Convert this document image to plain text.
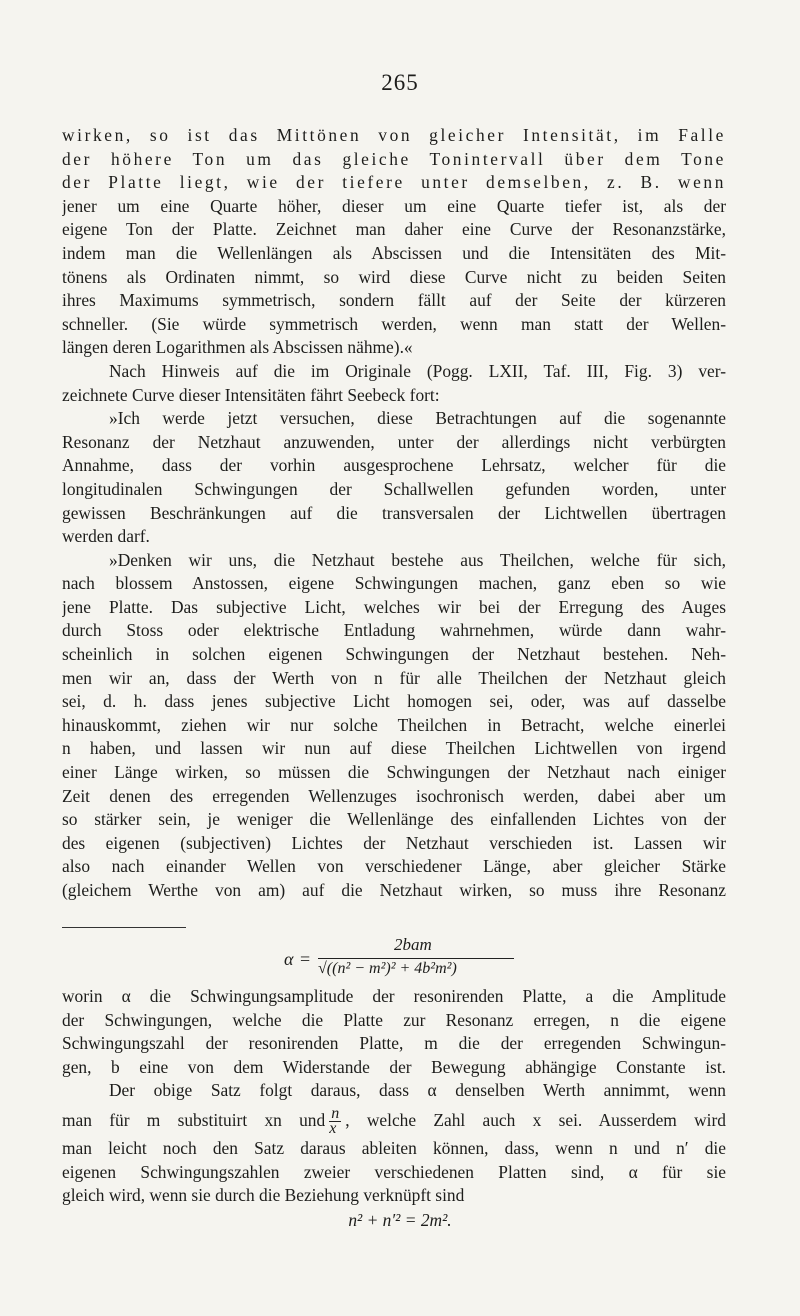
265
wirken, so ist das Mittönen von gleicher Intensität, im Falle
der höhere Ton um das gleiche Tonintervall über dem Tone
der Platte liegt, wie der tiefere unter demselben, z. B. wenn
jener um eine Quarte höher, dieser um eine Quarte tiefer ist, als der
eigene Ton der Platte. Zeichnet man daher eine Curve der Resonanzstärke,
indem man die Wellenlängen als Abscissen und die Intensitäten des Mit-
tönens als Ordinaten nimmt, so wird diese Curve nicht zu beiden Seiten
ihres Maximums symmetrisch, sondern fällt auf der Seite der kürzeren
schneller. (Sie würde symmetrisch werden, wenn man statt der Wellen-
längen deren Logarithmen als Abscissen nähme).«
Nach Hinweis auf die im Originale (Pogg. LXII, Taf. III, Fig. 3) ver-
zeichnete Curve dieser Intensitäten fährt Seebeck fort:
»Ich werde jetzt versuchen, diese Betrachtungen auf die sogenannte
Resonanz der Netzhaut anzuwenden, unter der allerdings nicht verbürgten
Annahme, dass der vorhin ausgesprochene Lehrsatz, welcher für die
longitudinalen Schwingungen der Schallwellen gefunden worden, unter
gewissen Beschränkungen auf die transversalen der Lichtwellen übertragen
werden darf.
»Denken wir uns, die Netzhaut bestehe aus Theilchen, welche für sich,
nach blossem Anstossen, eigene Schwingungen machen, ganz eben so wie
jene Platte. Das subjective Licht, welches wir bei der Erregung des Auges
durch Stoss oder elektrische Entladung wahrnehmen, würde dann wahr-
scheinlich in solchen eigenen Schwingungen der Netzhaut bestehen. Neh-
men wir an, dass der Werth von n für alle Theilchen der Netzhaut gleich
sei, d. h. dass jenes subjective Licht homogen sei, oder, was auf dasselbe
hinauskommt, ziehen wir nur solche Theilchen in Betracht, welche einerlei
n haben, und lassen wir nun auf diese Theilchen Lichtwellen von irgend
einer Länge wirken, so müssen die Schwingungen der Netzhaut nach einiger
Zeit denen des erregenden Wellenzuges isochronisch werden, dabei aber um
so stärker sein, je weniger die Wellenlänge des einfallenden Lichtes von der
des eigenen (subjectiven) Lichtes der Netzhaut verschieden ist. Lassen wir
also nach einander Wellen von verschiedener Länge, aber gleicher Stärke
(gleichem Werthe von am) auf die Netzhaut wirken, so muss ihre Resonanz
α =
2bam
√((n² − m²)² + 4b²m²)
worin α die Schwingungsamplitude der resonirenden Platte, a die Amplitude
der Schwingungen, welche die Platte zur Resonanz erregen, n die eigene
Schwingungszahl der resonirenden Platte, m die der erregenden Schwingun-
gen, b eine von dem Widerstande der Bewegung abhängige Constante ist.
Der obige Satz folgt daraus, dass α denselben Werth annimmt, wenn
man für m substituirt xn und $\frac{n}{x}$ , welche Zahl auch x sei. Ausserdem wird
man leicht noch den Satz daraus ableiten können, dass, wenn n und n′ die
eigenen Schwingungszahlen zweier verschiedenen Platten sind, α für sie
gleich wird, wenn sie durch die Beziehung verknüpft sind
n² + n′² = 2m².
